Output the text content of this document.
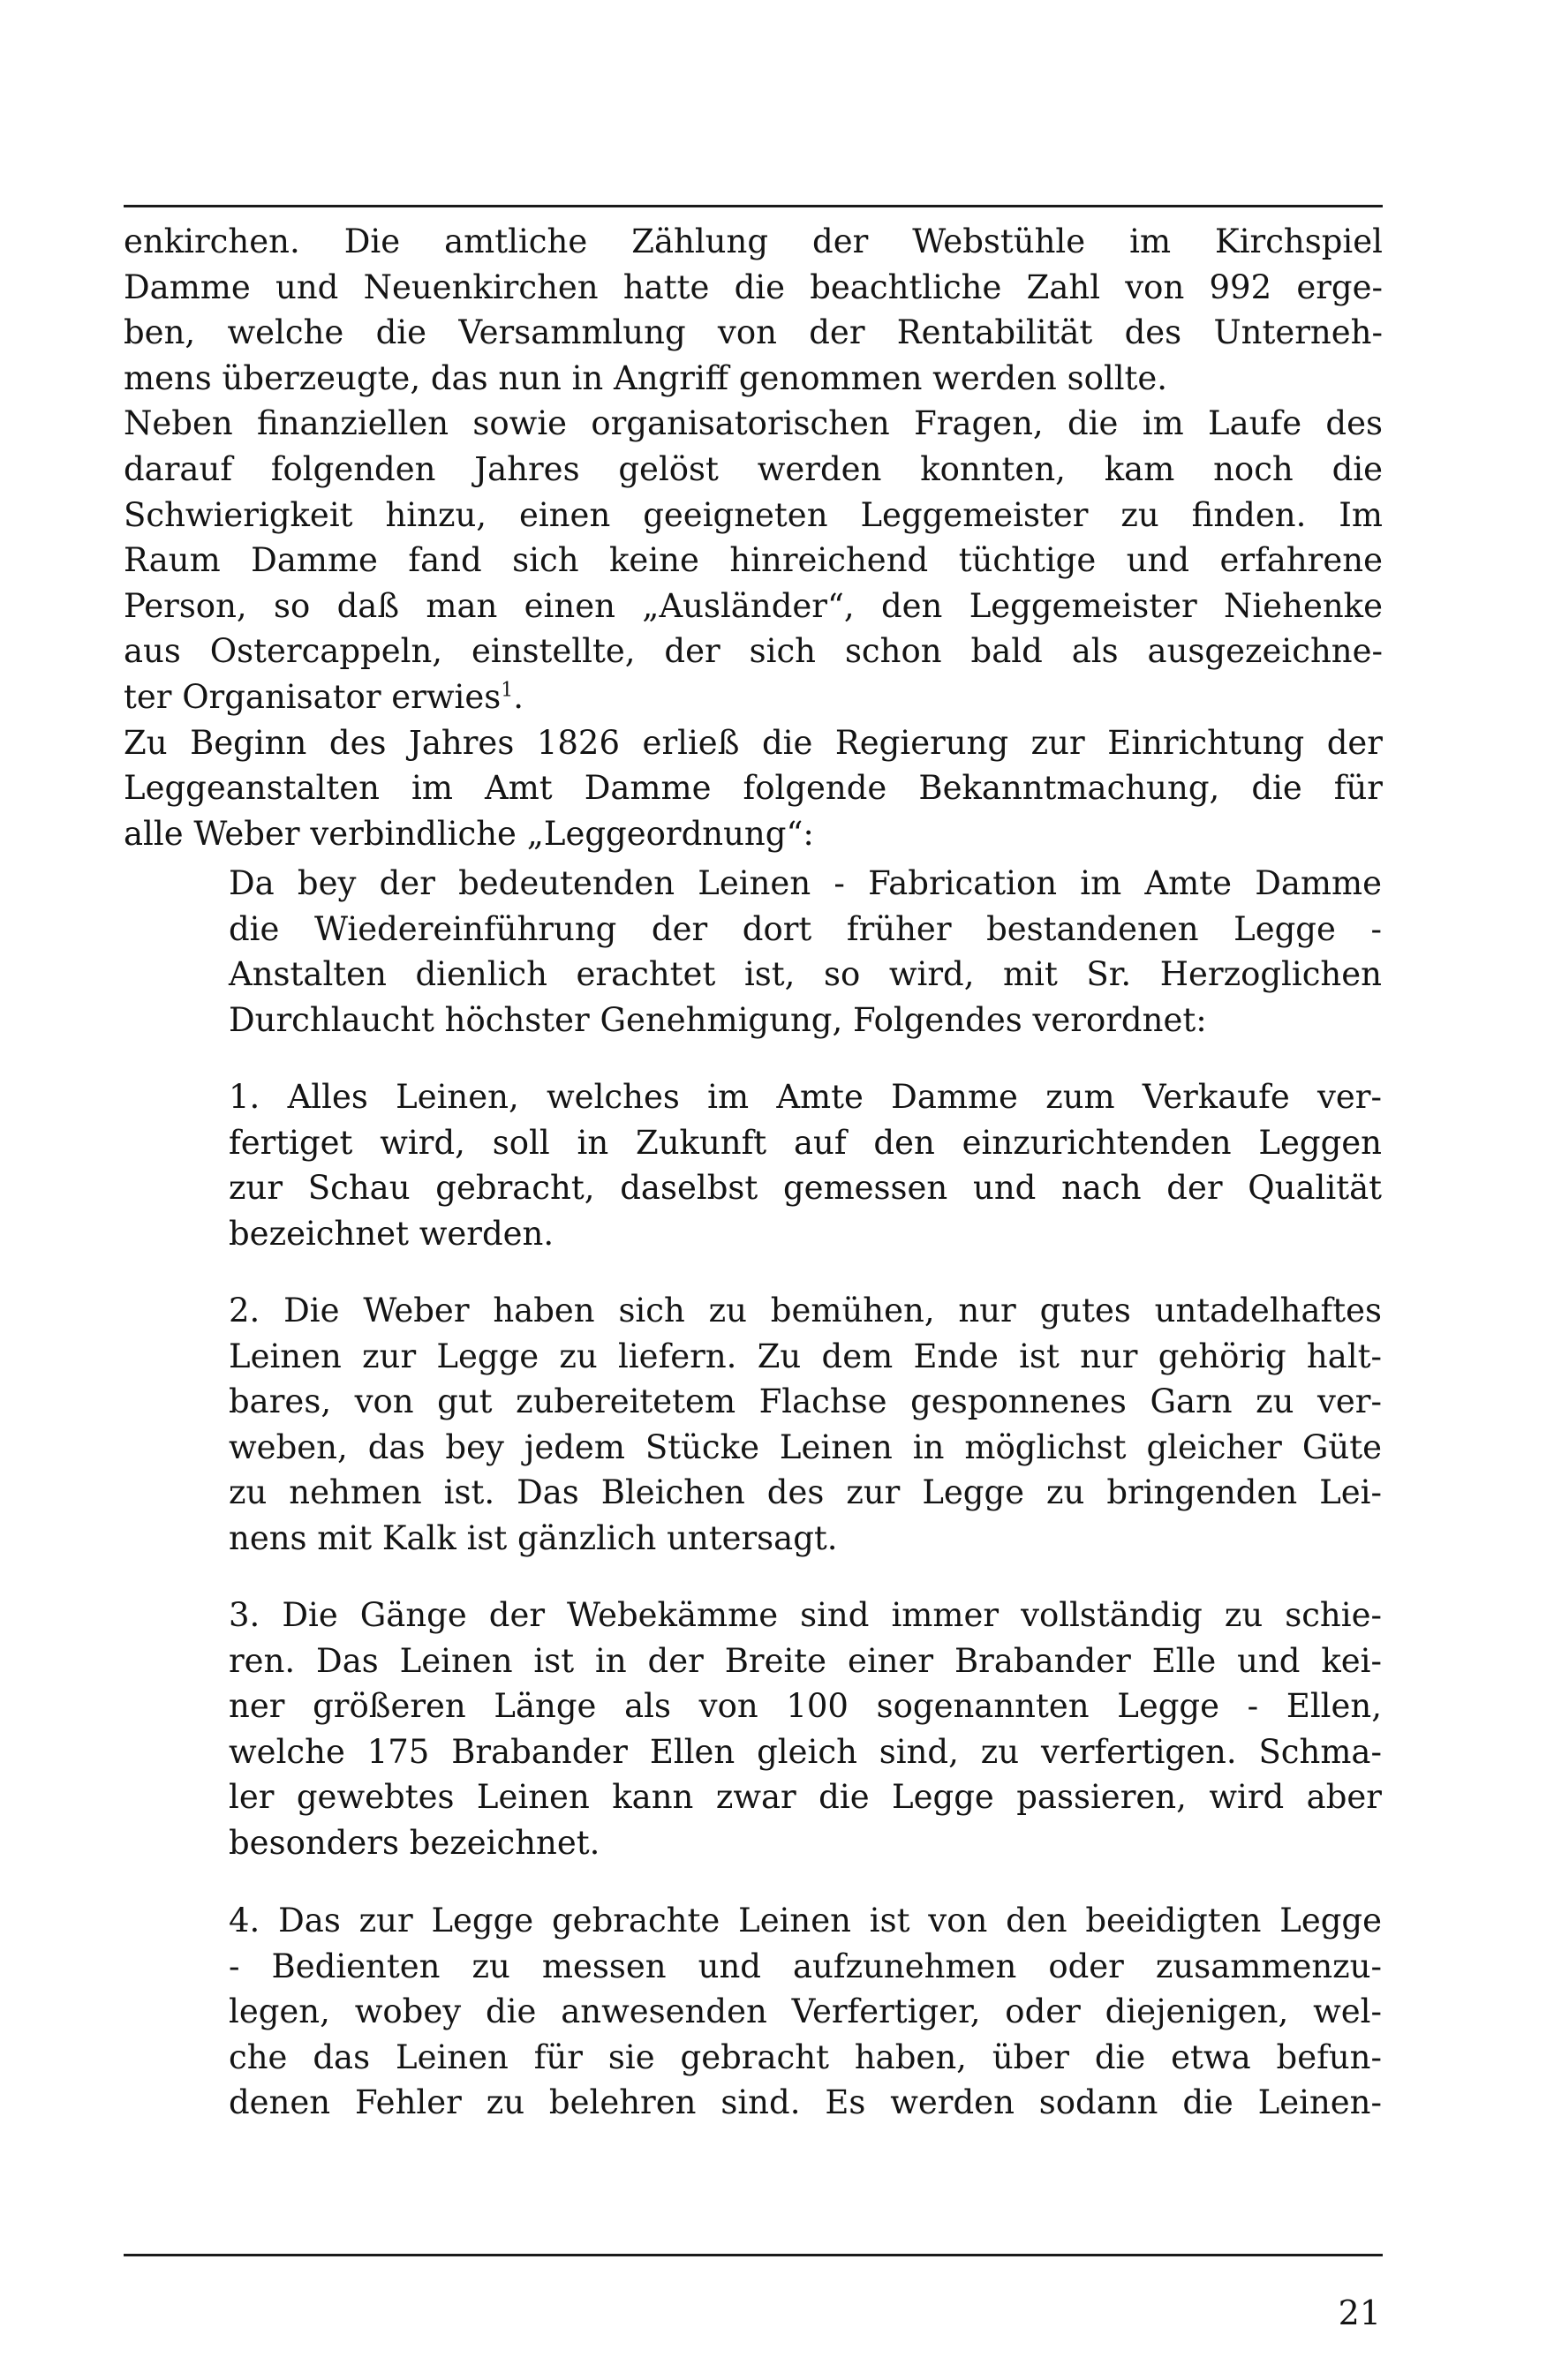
enkirchen. Die amtliche Zählung der Webstühle im Kirchspiel
Damme und Neuenkirchen hatte die beachtliche Zahl von 992 erge-
ben, welche die Versammlung von der Rentabilität des Unterneh-
mens überzeugte, das nun in Angriff genommen werden sollte.
Neben finanziellen sowie organisatorischen Fragen, die im Laufe des
darauf folgenden Jahres gelöst werden konnten, kam noch die
Schwierigkeit hinzu, einen geeigneten Leggemeister zu finden. Im
Raum Damme fand sich keine hinreichend tüchtige und erfahrene
Person, so daß man einen „Ausländer“, den Leggemeister Niehenke
aus Ostercappeln, einstellte, der sich schon bald als ausgezeichne-
ter Organisator erwies$^1$.
Zu Beginn des Jahres 1826 erließ die Regierung zur Einrichtung der
Leggeanstalten im Amt Damme folgende Bekanntmachung, die für
alle Weber verbindliche „Leggeordnung“:
Da bey der bedeutenden Leinen - Fabrication im Amte Damme
die Wiedereinführung der dort früher bestandenen Legge -
Anstalten dienlich erachtet ist, so wird, mit Sr. Herzoglichen
Durchlaucht höchster Genehmigung, Folgendes verordnet:
1. Alles Leinen, welches im Amte Damme zum Verkaufe ver-
fertiget wird, soll in Zukunft auf den einzurichtenden Leggen
zur Schau gebracht, daselbst gemessen und nach der Qualität
bezeichnet werden.
2. Die Weber haben sich zu bemühen, nur gutes untadelhaftes
Leinen zur Legge zu liefern. Zu dem Ende ist nur gehörig halt-
bares, von gut zubereitetem Flachse gesponnenes Garn zu ver-
weben, das bey jedem Stücke Leinen in möglichst gleicher Güte
zu nehmen ist. Das Bleichen des zur Legge zu bringenden Lei-
nens mit Kalk ist gänzlich untersagt.
3. Die Gänge der Webekämme sind immer vollständig zu schie-
ren. Das Leinen ist in der Breite einer Brabander Elle und kei-
ner größeren Länge als von 100 sogenannten Legge - Ellen,
welche 175 Brabander Ellen gleich sind, zu verfertigen. Schma-
ler gewebtes Leinen kann zwar die Legge passieren, wird aber
besonders bezeichnet.
4. Das zur Legge gebrachte Leinen ist von den beeidigten Legge
- Bedienten zu messen und aufzunehmen oder zusammenzu-
legen, wobey die anwesenden Verfertiger, oder diejenigen, wel-
che das Leinen für sie gebracht haben, über die etwa befun-
denen Fehler zu belehren sind. Es werden sodann die Leinen-
21
